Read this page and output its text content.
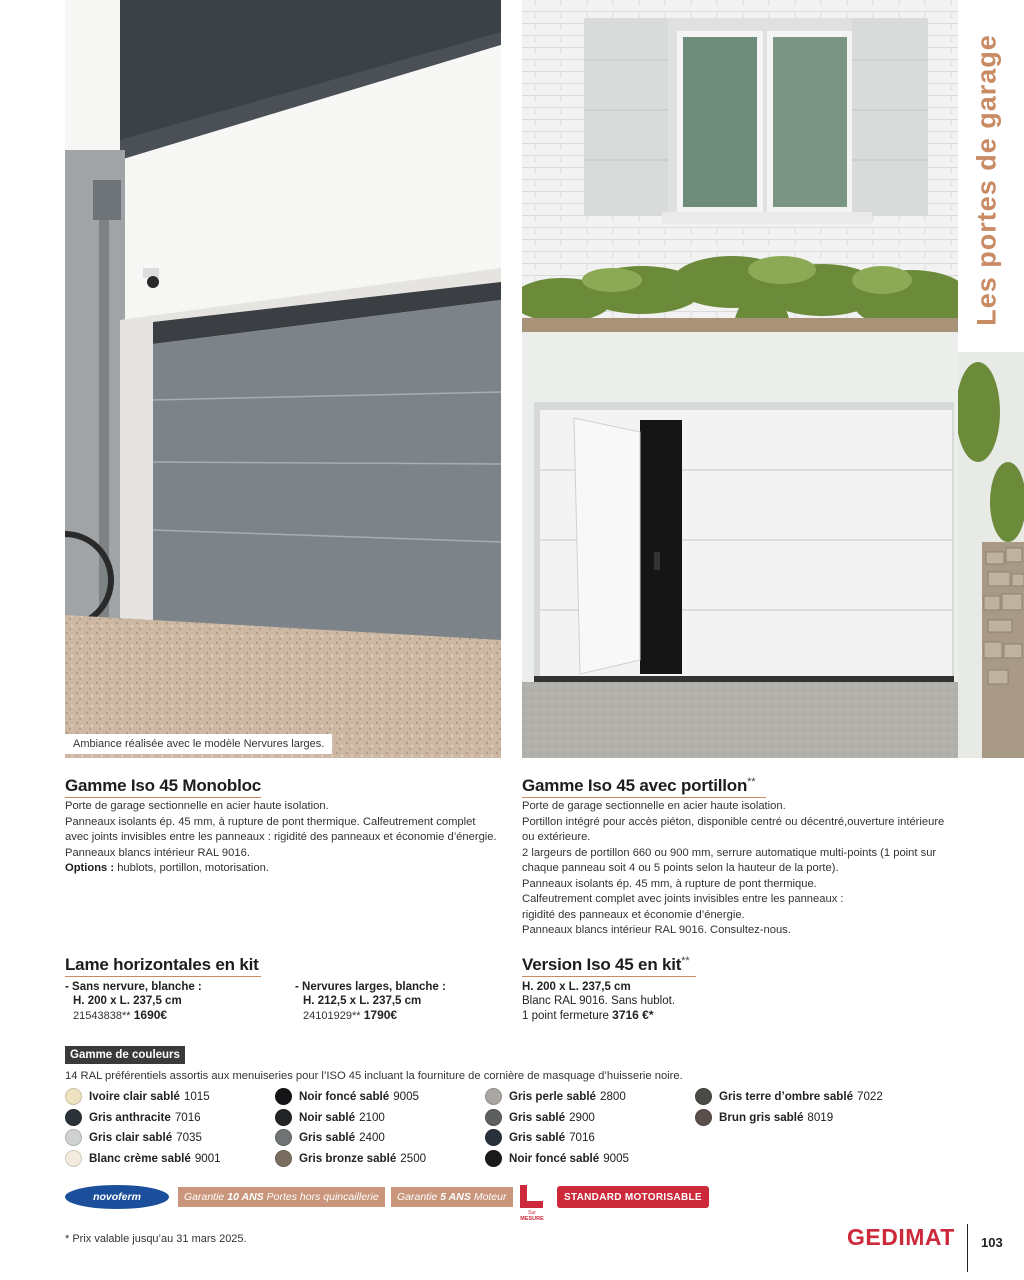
Ambiance réalisée avec le modèle Nervures larges.
Les portes de garage
Gamme Iso 45 Monobloc
Porte de garage sectionnelle en acier haute isolation.
Panneaux isolants ép. 45 mm, à rupture de pont thermique. Calfeutrement complet
avec joints invisibles entre les panneaux : rigidité des panneaux et économie d’énergie.
Panneaux blancs intérieur RAL 9016.
Options : hublots, portillon, motorisation.
Gamme Iso 45 avec portillon**
Porte de garage sectionnelle en acier haute isolation.
Portillon intégré pour accès piéton, disponible centré ou décentré,ouverture intérieure
ou extérieure.
2 largeurs de portillon 660 ou 900 mm, serrure automatique multi-points (1 point sur
chaque panneau soit 4 ou 5 points selon la hauteur de la porte).
Panneaux isolants ép. 45 mm, à rupture de pont thermique.
Calfeutrement complet avec joints invisibles entre les panneaux :
rigidité des panneaux et économie d’énergie.
Panneaux blancs intérieur RAL 9016. Consultez-nous.
Lame horizontales en kit
- Sans nervure, blanche :
H. 200 x L. 237,5 cm
21543838** 1690€
- Nervures larges, blanche :
H. 212,5 x L. 237,5 cm
24101929** 1790€
Version Iso 45 en kit**
H. 200 x L. 237,5 cm
Blanc RAL 9016. Sans hublot.
1 point fermeture 3716 €*
Gamme de couleurs
14 RAL préférentiels assortis aux menuiseries pour l’ISO 45 incluant la fourniture de cornière de masquage d’huisserie noire.
Ivoire clair sablé 1015
Gris anthracite 7016
Gris clair sablé 7035
Blanc crème sablé 9001
Noir foncé sablé 9005
Noir sablé 2100
Gris sablé 2400
Gris bronze sablé 2500
Gris perle sablé 2800
Gris sablé 2900
Gris sablé 7016
Noir foncé sablé 9005
Gris terre d’ombre sablé 7022
Brun gris sablé 8019
novoferm	Garantie 10 ANS Portes hors quincaillerie Garantie 5 ANS Moteur
Sur
MESURE
STANDARD MOTORISABLE
* Prix valable jusqu’au 31 mars 2025.	GEDIMAT 103
